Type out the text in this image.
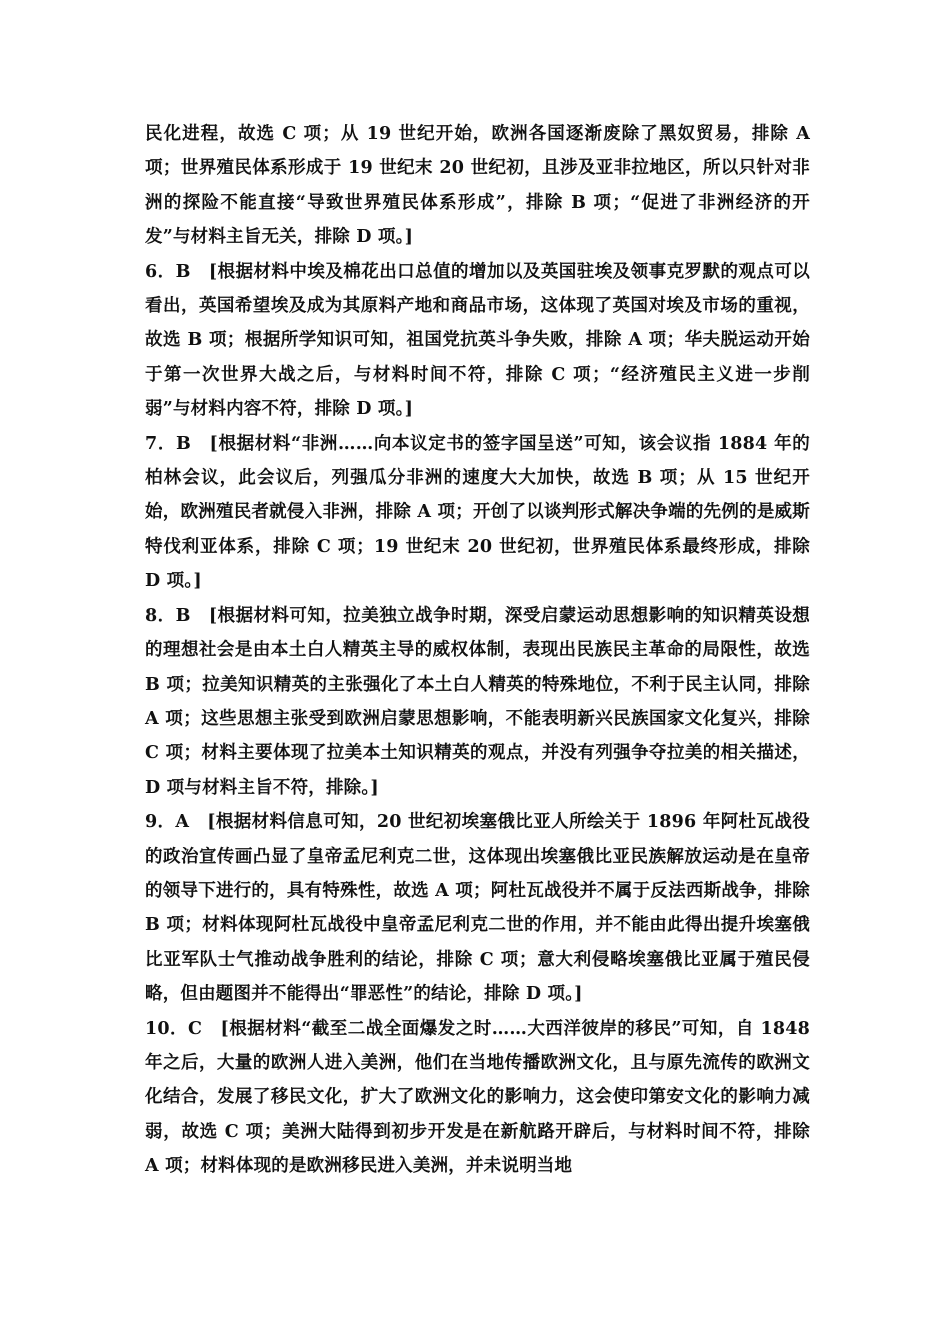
民化进程，故选 C 项；从 19 世纪开始，欧洲各国逐渐废除了黑奴贸易，排除 A 项；世界殖民体系形成于 19 世纪末 20 世纪初，且涉及亚非拉地区，所以只针对非洲的探险不能直接“导致世界殖民体系形成”，排除 B 项；“促进了非洲经济的开发”与材料主旨无关，排除 D 项。]

6．B　[根据材料中埃及棉花出口总值的增加以及英国驻埃及领事克罗默的观点可以看出，英国希望埃及成为其原料产地和商品市场，这体现了英国对埃及市场的重视，故选 B 项；根据所学知识可知，祖国党抗英斗争失败，排除 A 项；华夫脱运动开始于第一次世界大战之后，与材料时间不符，排除 C 项；“经济殖民主义进一步削弱”与材料内容不符，排除 D 项。]

7．B　[根据材料“非洲……向本议定书的签字国呈送”可知，该会议指 1884 年的柏林会议，此会议后，列强瓜分非洲的速度大大加快，故选 B 项；从 15 世纪开始，欧洲殖民者就侵入非洲，排除 A 项；开创了以谈判形式解决争端的先例的是威斯特伐利亚体系，排除 C 项；19 世纪末 20 世纪初，世界殖民体系最终形成，排除 D 项。]

8．B　[根据材料可知，拉美独立战争时期，深受启蒙运动思想影响的知识精英设想的理想社会是由本土白人精英主导的威权体制，表现出民族民主革命的局限性，故选 B 项；拉美知识精英的主张强化了本土白人精英的特殊地位，不利于民主认同，排除 A 项；这些思想主张受到欧洲启蒙思想影响，不能表明新兴民族国家文化复兴，排除 C 项；材料主要体现了拉美本土知识精英的观点，并没有列强争夺拉美的相关描述，D 项与材料主旨不符，排除。]

9．A　[根据材料信息可知，20 世纪初埃塞俄比亚人所绘关于 1896 年阿杜瓦战役的政治宣传画凸显了皇帝孟尼利克二世，这体现出埃塞俄比亚民族解放运动是在皇帝的领导下进行的，具有特殊性，故选 A 项；阿杜瓦战役并不属于反法西斯战争，排除 B 项；材料体现阿杜瓦战役中皇帝孟尼利克二世的作用，并不能由此得出提升埃塞俄比亚军队士气推动战争胜利的结论，排除 C 项；意大利侵略埃塞俄比亚属于殖民侵略，但由题图并不能得出“罪恶性”的结论，排除 D 项。]

10．C　[根据材料“截至二战全面爆发之时……大西洋彼岸的移民”可知，自 1848 年之后，大量的欧洲人进入美洲，他们在当地传播欧洲文化，且与原先流传的欧洲文化结合，发展了移民文化，扩大了欧洲文化的影响力，这会使印第安文化的影响力减弱，故选 C 项；美洲大陆得到初步开发是在新航路开辟后，与材料时间不符，排除 A 项；材料体现的是欧洲移民进入美洲，并未说明当地
